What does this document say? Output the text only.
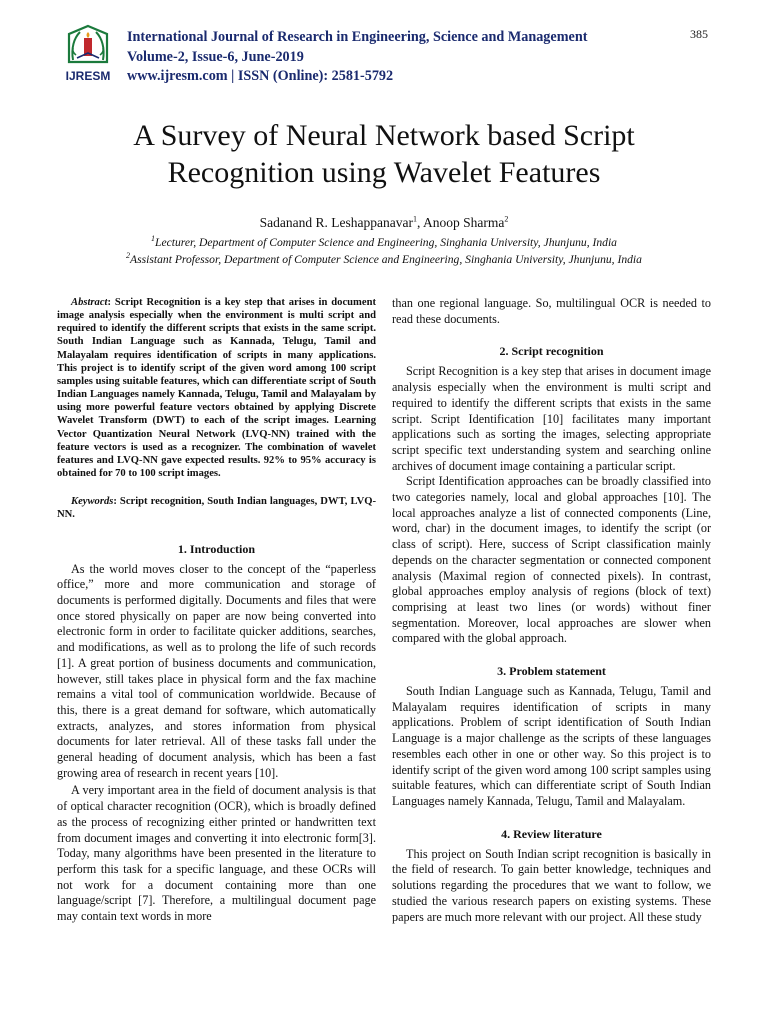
IJRESM
International Journal of Research in Engineering, Science and Management
Volume-2, Issue-6, June-2019
www.ijresm.com | ISSN (Online): 2581-5792
385
A Survey of Neural Network based Script
Recognition using Wavelet Features
Sadanand R. Leshappanavar$^1$, Anoop Sharma$^2$
$^1$Lecturer, Department of Computer Science and Engineering, Singhania University, Jhunjunu, India
$^2$Assistant Professor, Department of Computer Science and Engineering, Singhania University, Jhunjunu, India

Abstract: Script Recognition is a key step that arises in document image analysis especially when the environment is multi script and required to identify the different scripts that exists in the same script. South Indian Language such as Kannada, Telugu, Tamil and Malayalam requires identification of scripts in many applications. This project is to identify script of the given word among 100 script samples using suitable features, which can differentiate script of South Indian Languages namely Kannada, Telugu, Tamil and Malayalam by using more powerful feature vectors obtained by applying Discrete Wavelet Transform (DWT) to each of the script images. Learning Vector Quantization Neural Network (LVQ-NN) trained with the feature vectors is used as a recognizer. The combination of wavelet features and LVQ-NN gave expected results. 92% to 95% accuracy is obtained for 70 to 100 script images.

Keywords: Script recognition, South Indian languages, DWT, LVQ-NN.

1. Introduction

As the world moves closer to the concept of the “paperless office,” more and more communication and storage of documents is performed digitally. Documents and files that were once stored physically on paper are now being converted into electronic form in order to facilitate quicker additions, searches, and modifications, as well as to prolong the life of such records [1]. A great portion of business documents and communication, however, still takes place in physical form and the fax machine remains a vital tool of communication worldwide. Because of this, there is a great demand for software, which automatically extracts, analyzes, and stores information from physical documents for later retrieval. All of these tasks fall under the general heading of document analysis, which has been a fast growing area of research in recent years [10].

A very important area in the field of document analysis is that of optical character recognition (OCR), which is broadly defined as the process of recognizing either printed or handwritten text from document images and converting it into electronic form[3]. Today, many algorithms have been presented in the literature to perform this task for a specific language, and these OCRs will not work for a document containing more than one language/script [7]. Therefore, a multilingual document page may contain text words in more

than one regional language. So, multilingual OCR is needed to read these documents.

2. Script recognition

Script Recognition is a key step that arises in document image analysis especially when the environment is multi script and required to identify the different scripts that exists in the same script. Script Identification [10] facilitates many important applications such as sorting the images, selecting appropriate script specific text understanding system and searching online archives of document image containing a particular script.

Script Identification approaches can be broadly classified into two categories namely, local and global approaches [10]. The local approaches analyze a list of connected components (Line, word, char) in the document images, to identify the script (or class of script). Here, success of Script classification mainly depends on the character segmentation or connected component analysis (Maximal region of connected pixels). In contrast, global approaches employ analysis of regions (block of text) comprising at least two lines (or words) without finer segmentation. Moreover, local approaches are slower when compared with the global approach.

3. Problem statement

South Indian Language such as Kannada, Telugu, Tamil and Malayalam requires identification of scripts in many applications. Problem of script identification of South Indian Language is a major challenge as the scripts of these languages resembles each other in one or other way. So this project is to identify script of the given word among 100 script samples using suitable features, which can differentiate script of South Indian Languages namely Kannada, Telugu, Tamil and Malayalam.

4. Review literature

This project on South Indian script recognition is basically in the field of research. To gain better knowledge, techniques and solutions regarding the procedures that we want to follow, we studied the various research papers on existing systems. These papers are much more relevant with our project. All these study
